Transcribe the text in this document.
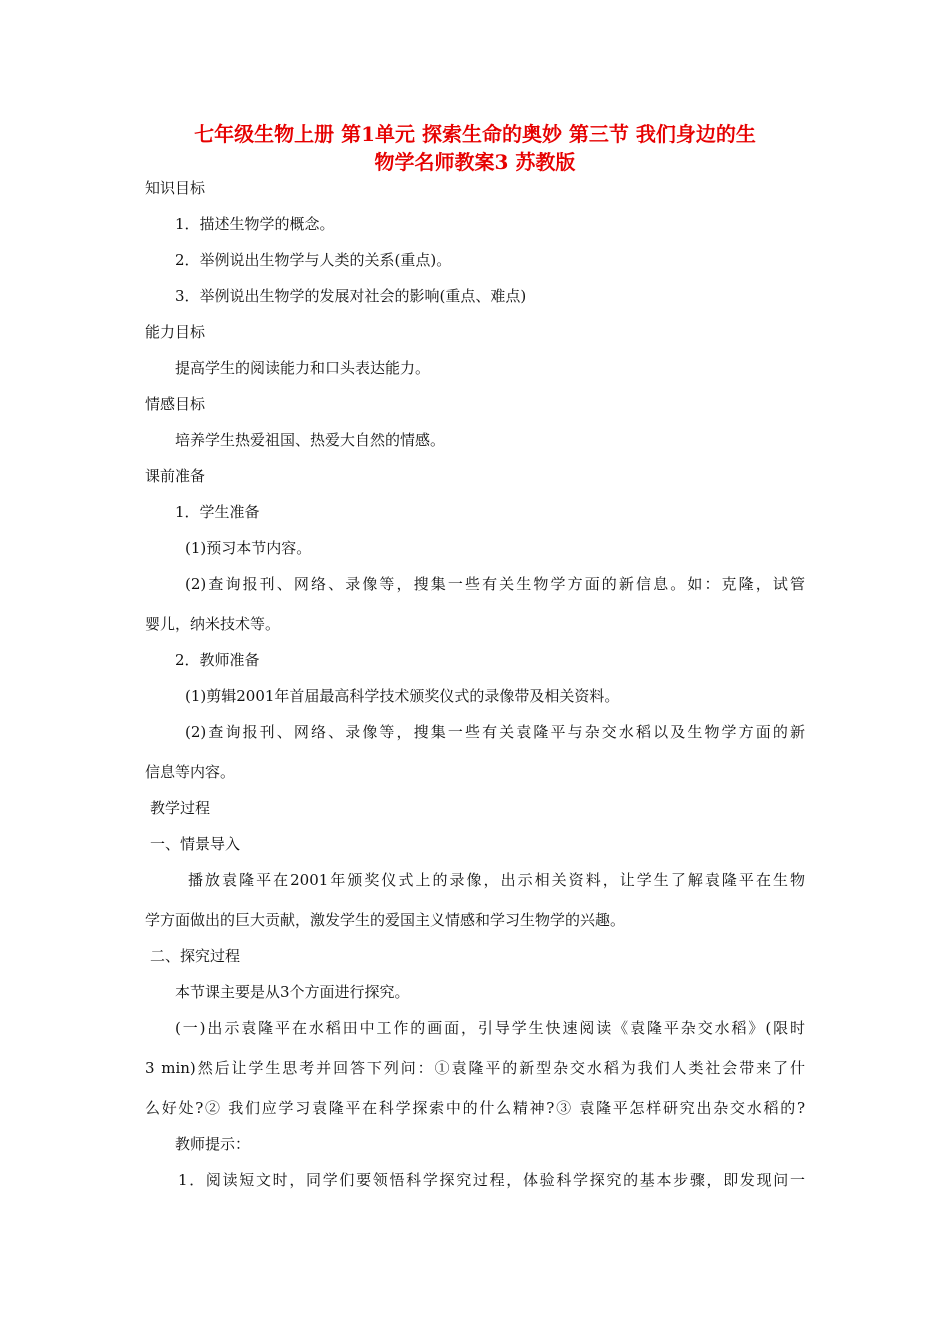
七年级生物上册 第1单元 探索生命的奥妙 第三节 我们身边的生
物学名师教案3 苏教版
知识目标
1．描述生物学的概念。
2．举例说出生物学与人类的关系(重点)。
3．举例说出生物学的发展对社会的影响(重点、难点)
能力目标
提高学生的阅读能力和口头表达能力。
情感目标
培养学生热爱祖国、热爱大自然的情感。
课前准备
1．学生准备
(1)预习本节内容。
(2)查询报刊、网络、录像等，搜集一些有关生物学方面的新信息。如：克隆，试管
婴儿，纳米技术等。
2．教师准备
(1)剪辑2001年首届最高科学技术颁奖仪式的录像带及相关资料。
(2)查询报刊、网络、录像等，搜集一些有关袁隆平与杂交水稻以及生物学方面的新
信息等内容。
教学过程
一、情景导入
播放袁隆平在2001年颁奖仪式上的录像，出示相关资料，让学生了解袁隆平在生物
学方面做出的巨大贡献，激发学生的爱国主义情感和学习生物学的兴趣。
二、探究过程
本节课主要是从3个方面进行探究。
(一)出示袁隆平在水稻田中工作的画面，引导学生快速阅读《袁隆平杂交水稻》(限时
3 min)然后让学生思考并回答下列问：①袁隆平的新型杂交水稻为我们人类社会带来了什
么好处?② 我们应学习袁隆平在科学探索中的什么精神?③ 袁隆平怎样研究出杂交水稻的?
教师提示：
1．阅读短文时，同学们要领悟科学探究过程，体验科学探究的基本步骤，即发现问一
